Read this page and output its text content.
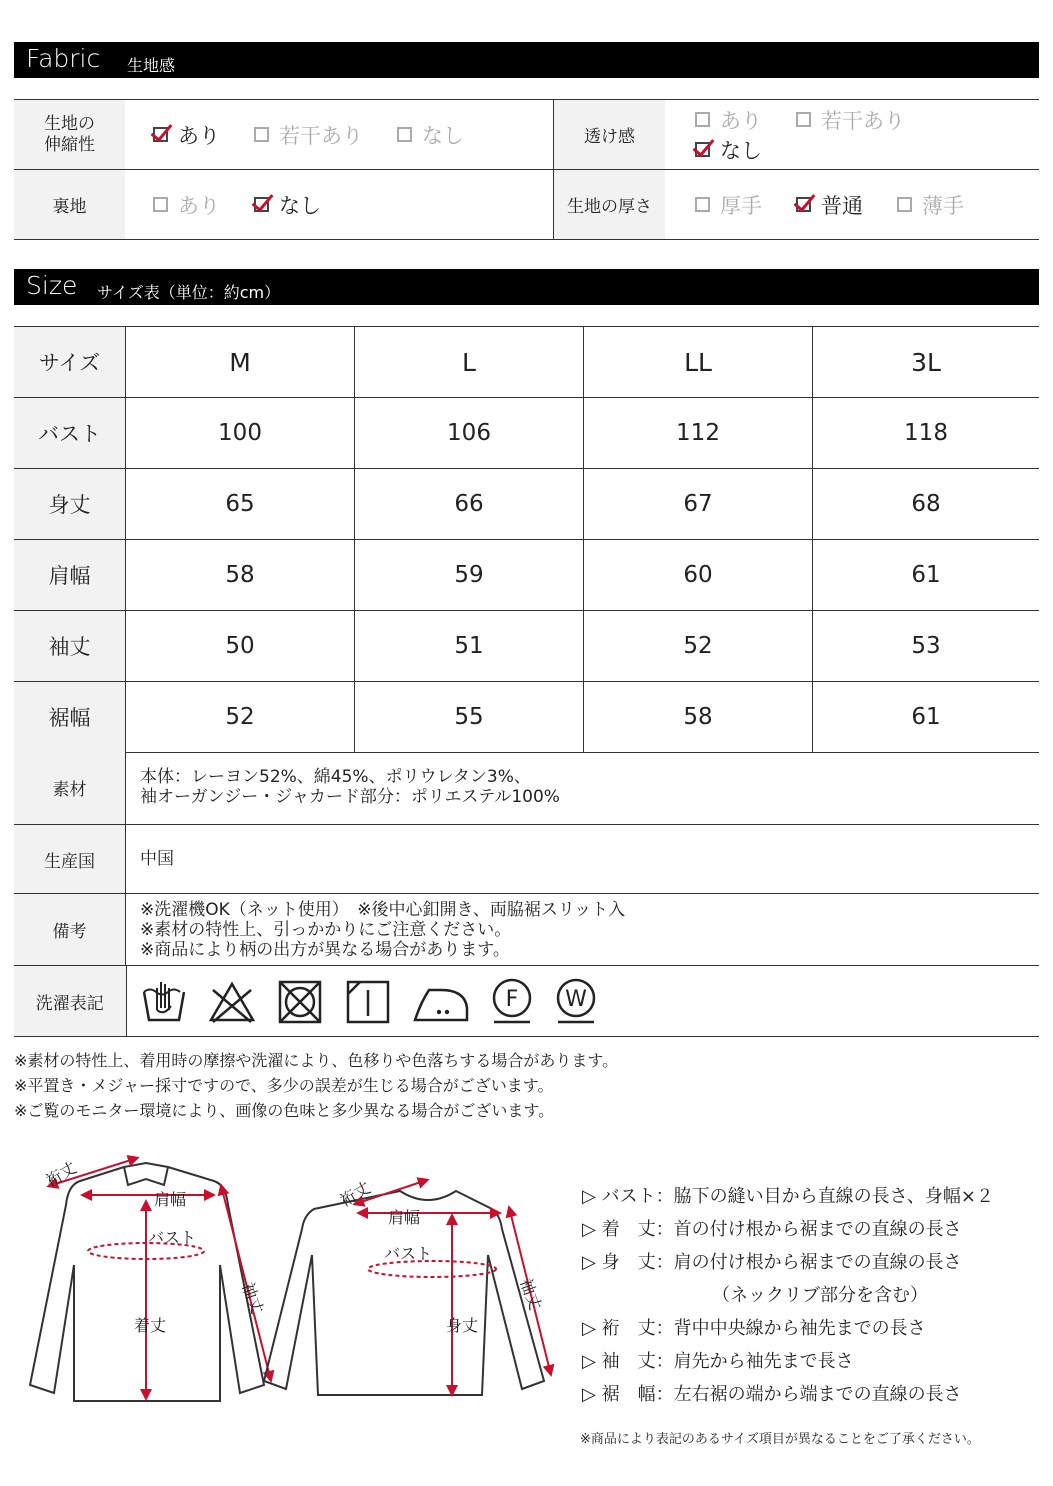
Fabric 生地感
生地の
伸縮性	あり 若干あり なし	透け感	あり 若干あり
なし

裏地	あり なし	生地の厚さ	厚手 普通 薄手
Size サイズ表（単位：約cm）
サイズ	M	L	LL	3L
バスト	100	106	112	118
身丈	65	66	67	68
肩幅	58	59	60	61
袖丈	50	51	52	53
裾幅	52	55	58	61
素材	本体：レーヨン52%、綿45%、ポリウレタン3%、
袖オーガンジー・ジャカード部分：ポリエステル100%

生産国	中国
備考	※洗濯機OK（ネット使用）　※後中心釦開き、両脇裾スリット入
※素材の特性上、引っかかりにご注意ください。
※商品により柄の出方が異なる場合があります。

洗濯表記	F W
※素材の特性上、着用時の摩擦や洗濯により、色移りや色落ちする場合があります。
※平置き・メジャー採寸ですので、多少の誤差が生じる場合がございます。
※ご覧のモニター環境により、画像の色味と多少異なる場合がございます。
肩幅
バスト
着丈
袖丈
裄丈
肩幅
バスト
身丈
袖丈
裄丈	▷ バスト：脇下の縫い目から直線の長さ、身幅×２
▷ 着　丈：首の付け根から裾までの直線の長さ
▷ 身　丈：肩の付け根から裾までの直線の長さ
（ネックリブ部分を含む）
▷ 裄　丈：背中中央線から袖先までの長さ
▷ 袖　丈：肩先から袖先まで長さ
▷ 裾　幅：左右裾の端から端までの直線の長さ
※商品により表記のあるサイズ項目が異なることをご了承ください。
